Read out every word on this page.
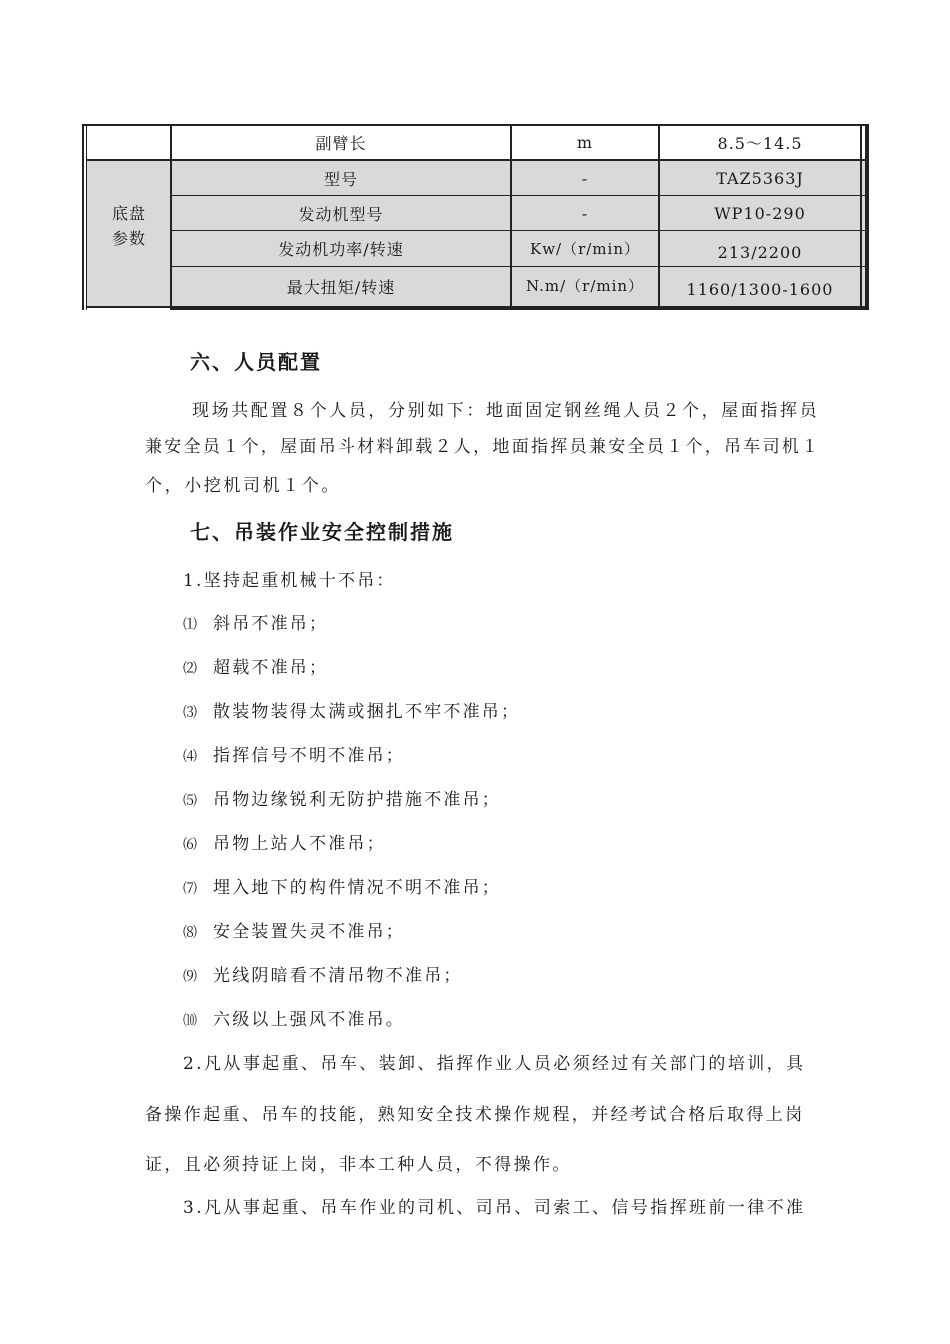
底盘
参数
副臂长	m	8.5～14.5
型号	-	TAZ5363J
发动机型号	-	WP10-290
发动机功率/转速	Kw/（r/min）	213/2200
最大扭矩/转速	N.m/（r/min）	1160/1300-1600
六、人员配置
现场共配置８个人员，分别如下：地面固定钢丝绳人员２个，屋面指挥员
兼安全员１个，屋面吊斗材料卸载２人，地面指挥员兼安全员１个，吊车司机１
个，小挖机司机１个。
七、吊装作业安全控制措施
1.坚持起重机械十不吊：
⑴ 斜吊不准吊；
⑵ 超载不准吊；
⑶ 散装物装得太满或捆扎不牢不准吊；
⑷ 指挥信号不明不准吊；
⑸ 吊物边缘锐利无防护措施不准吊；
⑹ 吊物上站人不准吊；
⑺ 埋入地下的构件情况不明不准吊；
⑻ 安全装置失灵不准吊；
⑼ 光线阴暗看不清吊物不准吊；
⑽ 六级以上强风不准吊。
2.凡从事起重、吊车、装卸、指挥作业人员必须经过有关部门的培训，具
备操作起重、吊车的技能，熟知安全技术操作规程，并经考试合格后取得上岗
证，且必须持证上岗，非本工种人员，不得操作。
3.凡从事起重、吊车作业的司机、司吊、司索工、信号指挥班前一律不准
